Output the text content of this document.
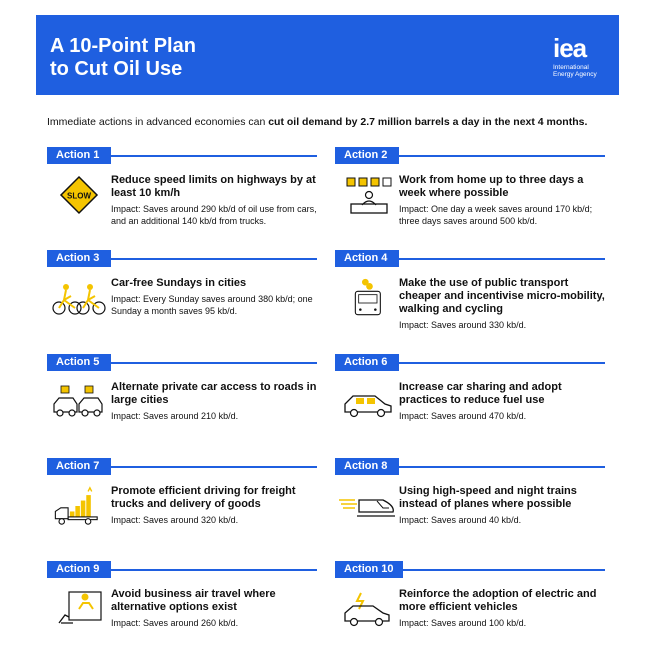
A 10-Point Plan
to Cut Oil Use
iea
International
Energy Agency
Immediate actions in advanced economies can cut oil demand by 2.7 million barrels a day in the next 4 months.
Action 1
SLOW
Reduce speed limits on highways by at least 10 km/h
Impact: Saves around 290 kb/d of oil use from cars, and an additional 140 kb/d from trucks.
Action 2
Work from home up to three days a week where possible
Impact: One day a week saves around 170 kb/d; three days saves around 500 kb/d.
Action 3
Car-free Sundays in cities
Impact: Every Sunday saves around 380 kb/d; one Sunday a month saves 95 kb/d.
Action 4
Make the use of public transport cheaper and incentivise micro-mobility, walking and cycling
Impact: Saves around 330 kb/d.
Action 5
Alternate private car access to roads in large cities
Impact: Saves around 210 kb/d.
Action 6
Increase car sharing and adopt practices to reduce fuel use
Impact: Saves around 470 kb/d.
Action 7
Promote efficient driving for freight trucks and delivery of goods
Impact: Saves around 320 kb/d.
Action 8
Using high-speed and night trains instead of planes where possible
Impact: Saves around 40 kb/d.
Action 9
Avoid business air travel where alternative options exist
Impact: Saves around 260 kb/d.
Action 10
Reinforce the adoption of electric and more efficient vehicles
Impact: Saves around 100 kb/d.
